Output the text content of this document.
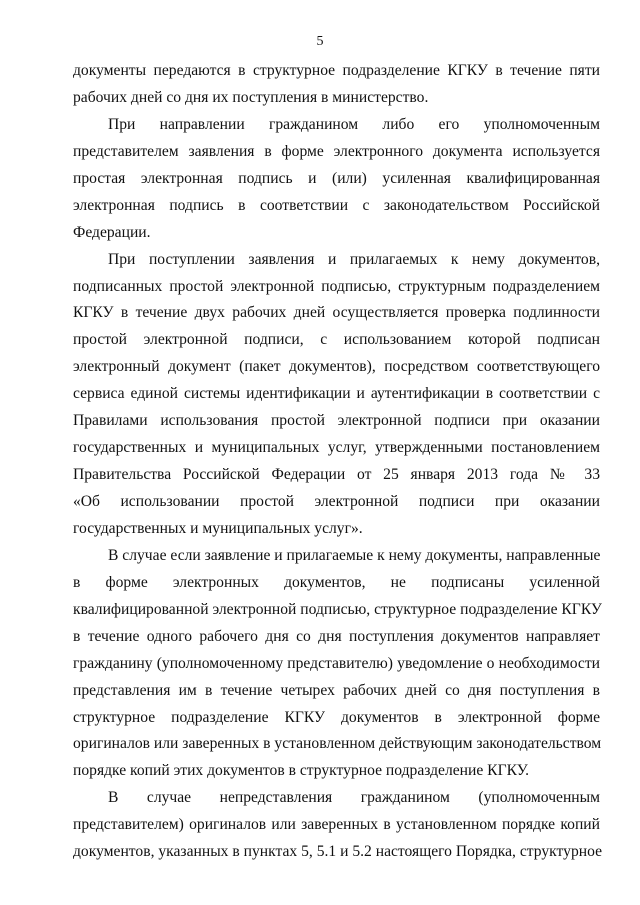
5
документы передаются в структурное подразделение КГКУ в течение пяти
рабочих дней со дня их поступления в министерство.
При направлении гражданином либо его уполномоченным
представителем заявления в форме электронного документа используется
простая электронная подпись и (или) усиленная квалифицированная
электронная подпись в соответствии с законодательством Российской
Федерации.
При поступлении заявления и прилагаемых к нему документов,
подписанных простой электронной подписью, структурным подразделением
КГКУ в течение двух рабочих дней осуществляется проверка подлинности
простой электронной подписи, с использованием которой подписан
электронный документ (пакет документов), посредством соответствующего
сервиса единой системы идентификации и аутентификации в соответствии с
Правилами использования простой электронной подписи при оказании
государственных и муниципальных услуг, утвержденными постановлением
Правительства Российской Федерации от 25 января 2013 года № 33
«Об использовании простой электронной подписи при оказании
государственных и муниципальных услуг».
В случае если заявление и прилагаемые к нему документы, направленные
в форме электронных документов, не подписаны усиленной
квалифицированной электронной подписью, структурное подразделение КГКУ
в течение одного рабочего дня со дня поступления документов направляет
гражданину (уполномоченному представителю) уведомление о необходимости
представления им в течение четырех рабочих дней со дня поступления в
структурное подразделение КГКУ документов в электронной форме
оригиналов или заверенных в установленном действующим законодательством
порядке копий этих документов в структурное подразделение КГКУ.
В случае непредставления гражданином (уполномоченным
представителем) оригиналов или заверенных в установленном порядке копий
документов, указанных в пунктах 5, 5.1 и 5.2 настоящего Порядка, структурное
